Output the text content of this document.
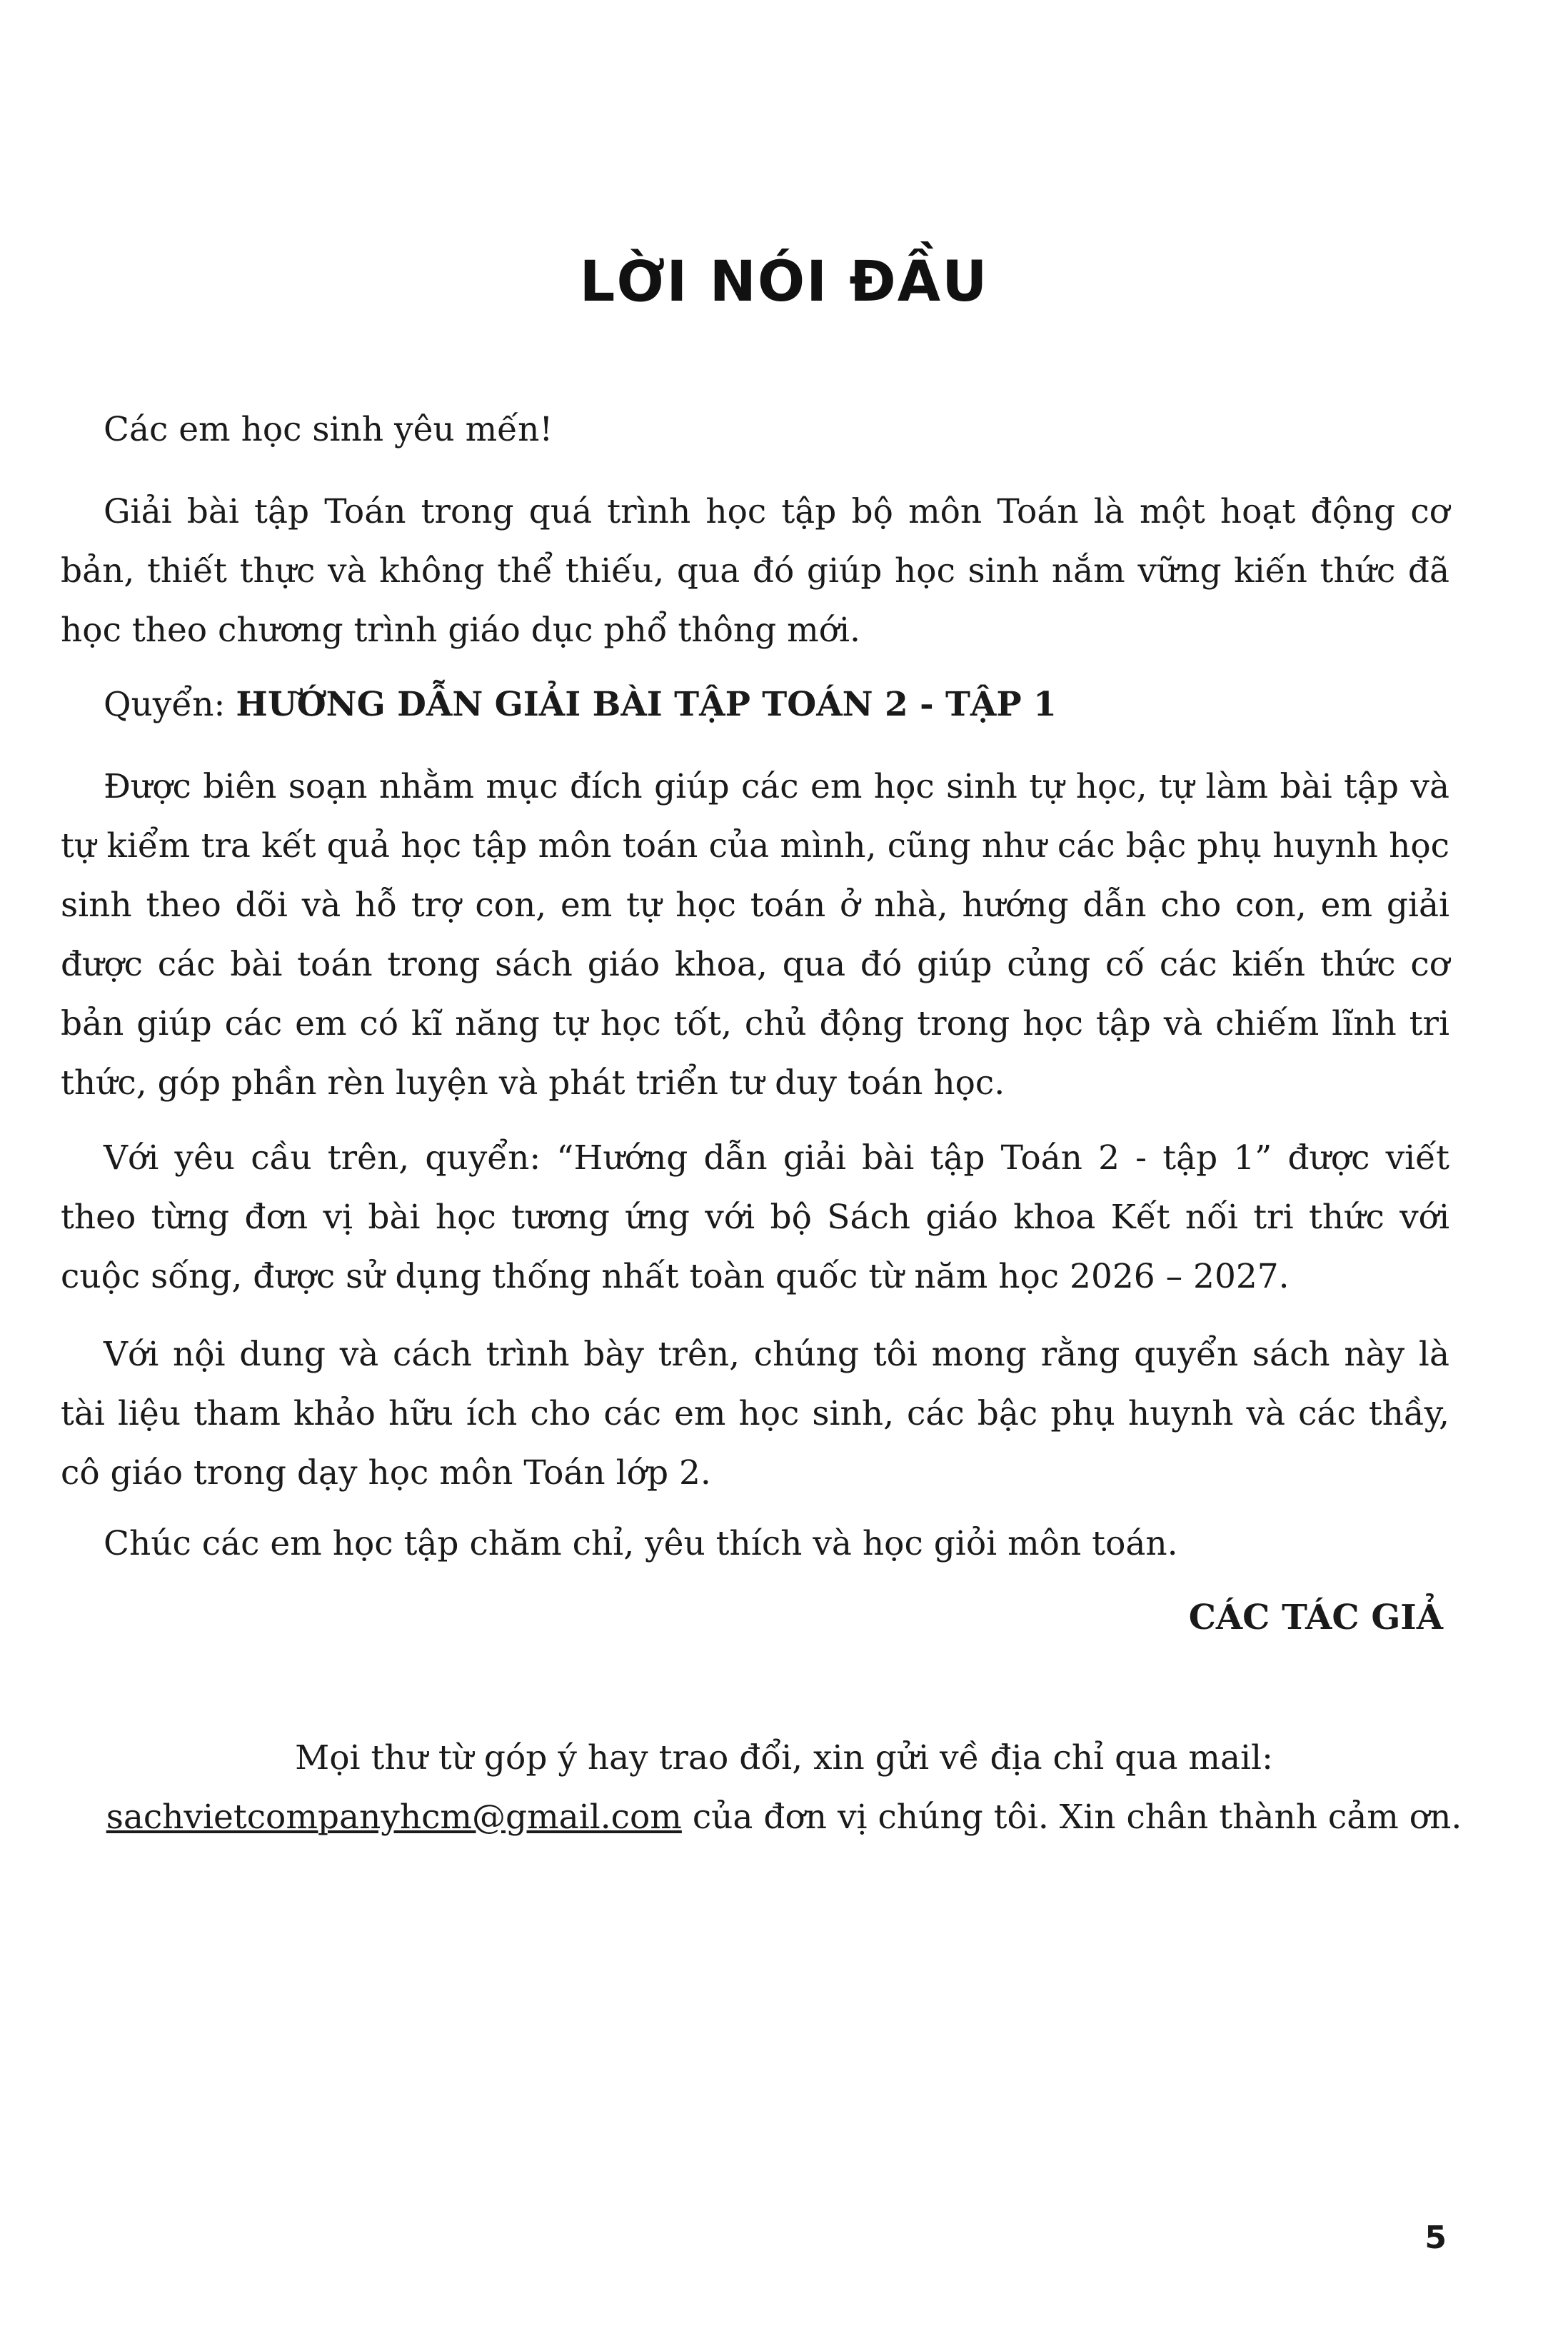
LỜI NÓI ĐẦU
Các em học sinh yêu mến!
Giải bài tập Toán trong quá trình học tập bộ môn Toán là một hoạt động cơ bản, thiết thực và không thể thiếu, qua đó giúp học sinh nắm vững kiến thức đã học theo chương trình giáo dục phổ thông mới.
Quyển: HƯỚNG DẪN GIẢI BÀI TẬP TOÁN 2 - TẬP 1
Được biên soạn nhằm mục đích giúp các em học sinh tự học, tự làm bài tập và tự kiểm tra kết quả học tập môn toán của mình, cũng như các bậc phụ huynh học sinh theo dõi và hỗ trợ con, em tự học toán ở nhà, hướng dẫn cho con, em giải được các bài toán trong sách giáo khoa, qua đó giúp củng cố các kiến thức cơ bản giúp các em có kĩ năng tự học tốt, chủ động trong học tập và chiếm lĩnh tri thức, góp phần rèn luyện và phát triển tư duy toán học.
Với yêu cầu trên, quyển: “Hướng dẫn giải bài tập Toán 2 - tập 1” được viết theo từng đơn vị bài học tương ứng với bộ Sách giáo khoa Kết nối tri thức với cuộc sống, được sử dụng thống nhất toàn quốc từ năm học 2026 – 2027.
Với nội dung và cách trình bày trên, chúng tôi mong rằng quyển sách này là tài liệu tham khảo hữu ích cho các em học sinh, các bậc phụ huynh và các thầy, cô giáo trong dạy học môn Toán lớp 2.
Chúc các em học tập chăm chỉ, yêu thích và học giỏi môn toán.
CÁC TÁC GIẢ
Mọi thư từ góp ý hay trao đổi, xin gửi về địa chỉ qua mail:
sachvietcompanyhcm@gmail.com của đơn vị chúng tôi. Xin chân thành cảm ơn.
5
